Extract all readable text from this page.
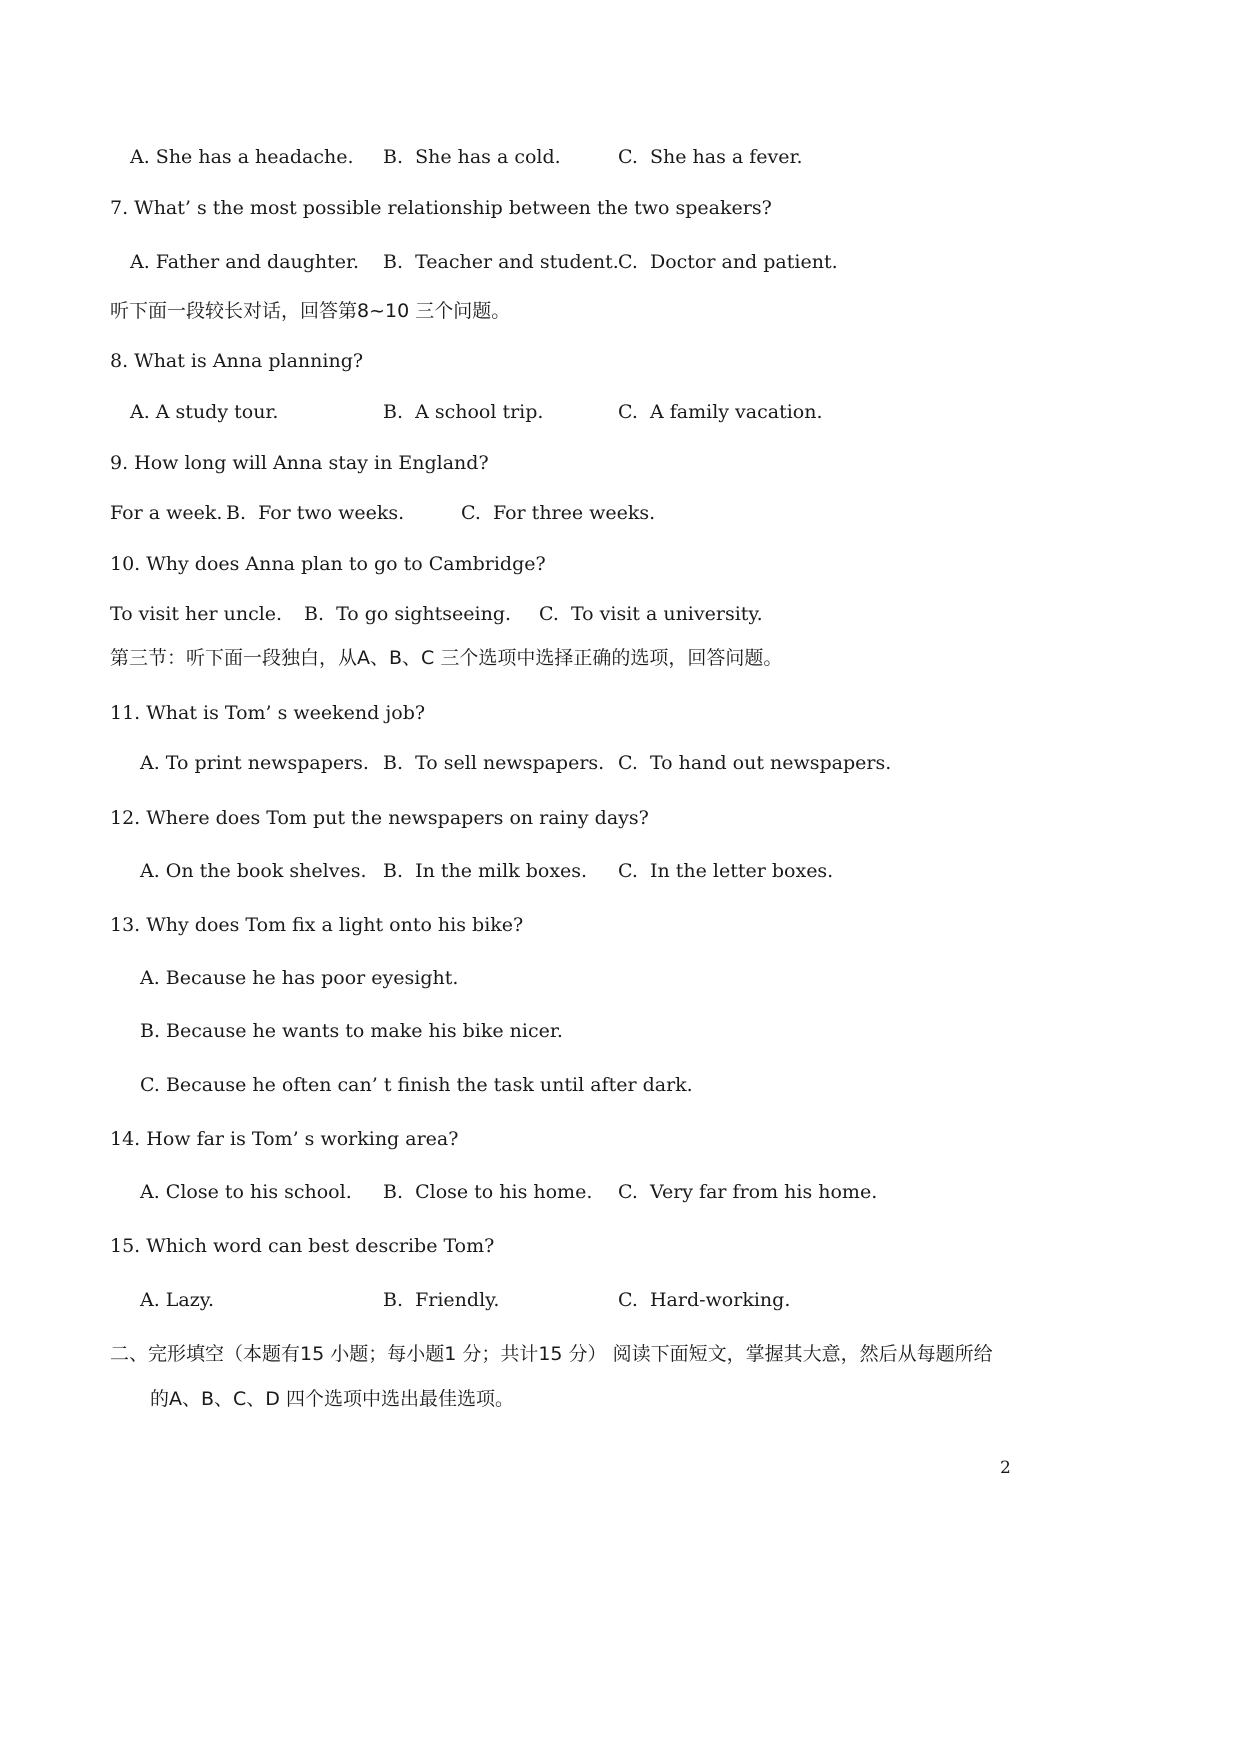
A. She has a headache. B.  She has a cold.	C.  She has a fever.
7. What’ s the most possible relationship between the two speakers?
A. Father and daughter. B.  Teacher and student. C.  Doctor and patient.
听下面一段较长对话，回答第8~10 三个问题。
8. What is Anna planning?
A. A study tour.	B.  A school trip.	C.  A family vacation.
9. How long will Anna stay in England?
For a week. B.  For two weeks.	C.  For three weeks.
10. Why does Anna plan to go to Cambridge?
To visit her uncle. B.  To go sightseeing. C.  To visit a university.
第三节：听下面一段独白，从A、B、C 三个选项中选择正确的选项，回答问题。
11. What is Tom’ s weekend job?
A. To print newspapers. B.  To sell newspapers. C.  To hand out newspapers.
12. Where does Tom put the newspapers on rainy days?
A. On the book shelves. B.  In the milk boxes. C.  In the letter boxes.
13. Why does Tom fix a light onto his bike?
A. Because he has poor eyesight.
B. Because he wants to make his bike nicer.
C. Because he often can’ t finish the task until after dark.
14. How far is Tom’ s working area?
A. Close to his school. B.  Close to his home. C.  Very far from his home.
15. Which word can best describe Tom?
A. Lazy.	B.  Friendly.	C.  Hard-working.
二、完形填空（本题有15 小题；每小题1 分；共计15 分） 阅读下面短文，掌握其大意，然后从每题所给
的A、B、C、D 四个选项中选出最佳选项。
2
